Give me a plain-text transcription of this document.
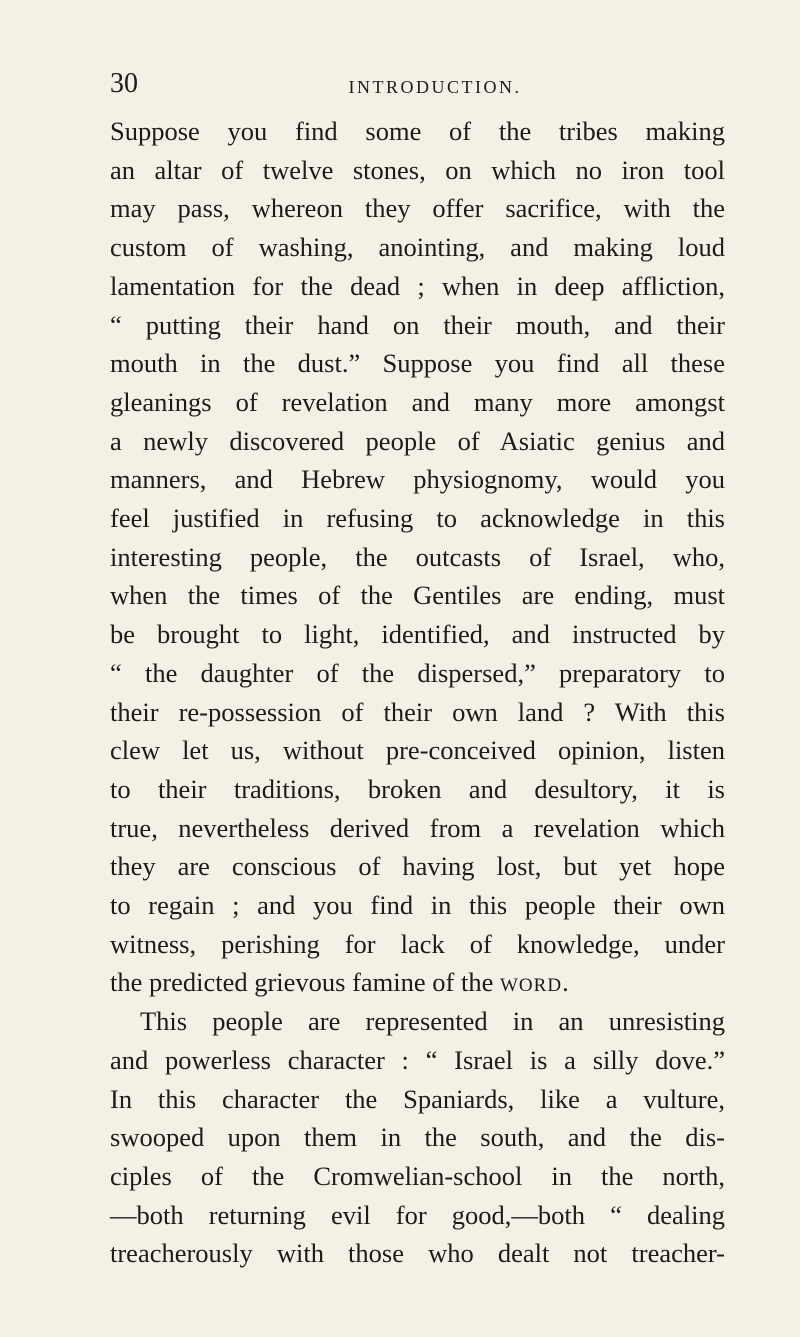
30	INTRODUCTION.
Suppose you find some of the tribes making
an altar of twelve stones, on which no iron tool
may pass, whereon they offer sacrifice, with the
custom of washing, anointing, and making loud
lamentation for the dead ; when in deep affliction,
“ putting their hand on their mouth, and their
mouth in the dust.” Suppose you find all these
gleanings of revelation and many more amongst
a newly discovered people of Asiatic genius and
manners, and Hebrew physiognomy, would you
feel justified in refusing to acknowledge in this
interesting people, the outcasts of Israel, who,
when the times of the Gentiles are ending, must
be brought to light, identified, and instructed by
“ the daughter of the dispersed,” preparatory to
their re-possession of their own land ? With this
clew let us, without pre-conceived opinion, listen
to their traditions, broken and desultory, it is
true, nevertheless derived from a revelation which
they are conscious of having lost, but yet hope
to regain ; and you find in this people their own
witness, perishing for lack of knowledge, under
the predicted grievous famine of the word.
This people are represented in an unresisting
and powerless character : “ Israel is a silly dove.”
In this character the Spaniards, like a vulture,
swooped upon them in the south, and the dis-
ciples of the Cromwelian-school in the north,
—both returning evil for good,—both “ dealing
treacherously with those who dealt not treacher-
